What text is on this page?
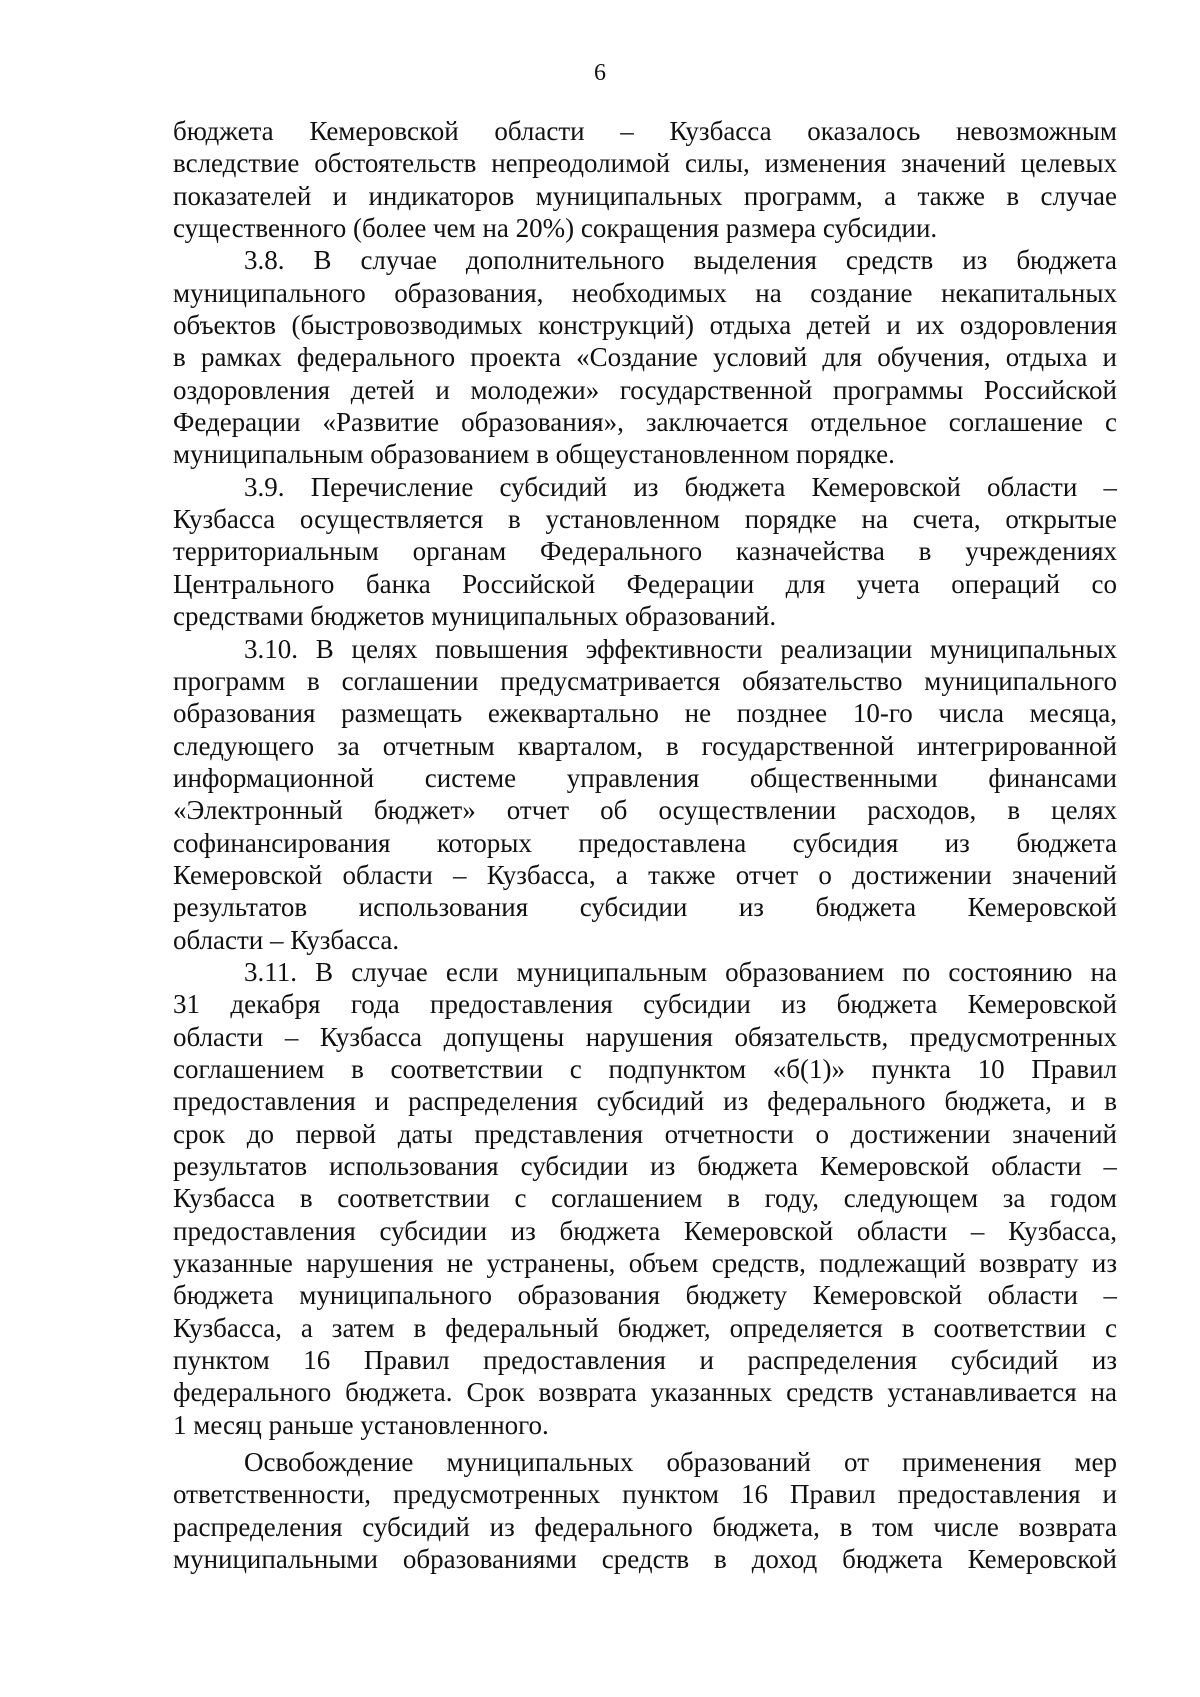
6
бюджета Кемеровской области – Кузбасса оказалось невозможным
вследствие обстоятельств непреодолимой силы, изменения значений целевых
показателей и индикаторов муниципальных программ, а также в случае
существенного (более чем на 20%) сокращения размера субсидии.
3.8. В случае дополнительного выделения средств из бюджета
муниципального образования, необходимых на создание некапитальных
объектов (быстровозводимых конструкций) отдыха детей и их оздоровления
в рамках федерального проекта «Создание условий для обучения, отдыха и
оздоровления детей и молодежи» государственной программы Российской
Федерации «Развитие образования», заключается отдельное соглашение с
муниципальным образованием в общеустановленном порядке.
3.9. Перечисление субсидий из бюджета Кемеровской области –
Кузбасса осуществляется в установленном порядке на счета, открытые
территориальным органам Федерального казначейства в учреждениях
Центрального банка Российской Федерации для учета операций со
средствами бюджетов муниципальных образований.
3.10. В целях повышения эффективности реализации муниципальных
программ в соглашении предусматривается обязательство муниципального
образования размещать ежеквартально не позднее 10-го числа месяца,
следующего за отчетным кварталом, в государственной интегрированной
информационной системе управления общественными финансами
«Электронный бюджет» отчет об осуществлении расходов, в целях
софинансирования которых предоставлена субсидия из бюджета
Кемеровской области – Кузбасса, а также отчет о достижении значений
результатов использования субсидии из бюджета Кемеровской
области – Кузбасса.
3.11. В случае если муниципальным образованием по состоянию на
31 декабря года предоставления субсидии из бюджета Кемеровской
области – Кузбасса допущены нарушения обязательств, предусмотренных
соглашением в соответствии с подпунктом «б(1)» пункта 10 Правил
предоставления и распределения субсидий из федерального бюджета, и в
срок до первой даты представления отчетности о достижении значений
результатов использования субсидии из бюджета Кемеровской области –
Кузбасса в соответствии с соглашением в году, следующем за годом
предоставления субсидии из бюджета Кемеровской области – Кузбасса,
указанные нарушения не устранены, объем средств, подлежащий возврату из
бюджета муниципального образования бюджету Кемеровской области –
Кузбасса, а затем в федеральный бюджет, определяется в соответствии с
пунктом 16 Правил предоставления и распределения субсидий из
федерального бюджета. Срок возврата указанных средств устанавливается на
1 месяц раньше установленного.
Освобождение муниципальных образований от применения мер
ответственности, предусмотренных пунктом 16 Правил предоставления и
распределения субсидий из федерального бюджета, в том числе возврата
муниципальными образованиями средств в доход бюджета Кемеровской
